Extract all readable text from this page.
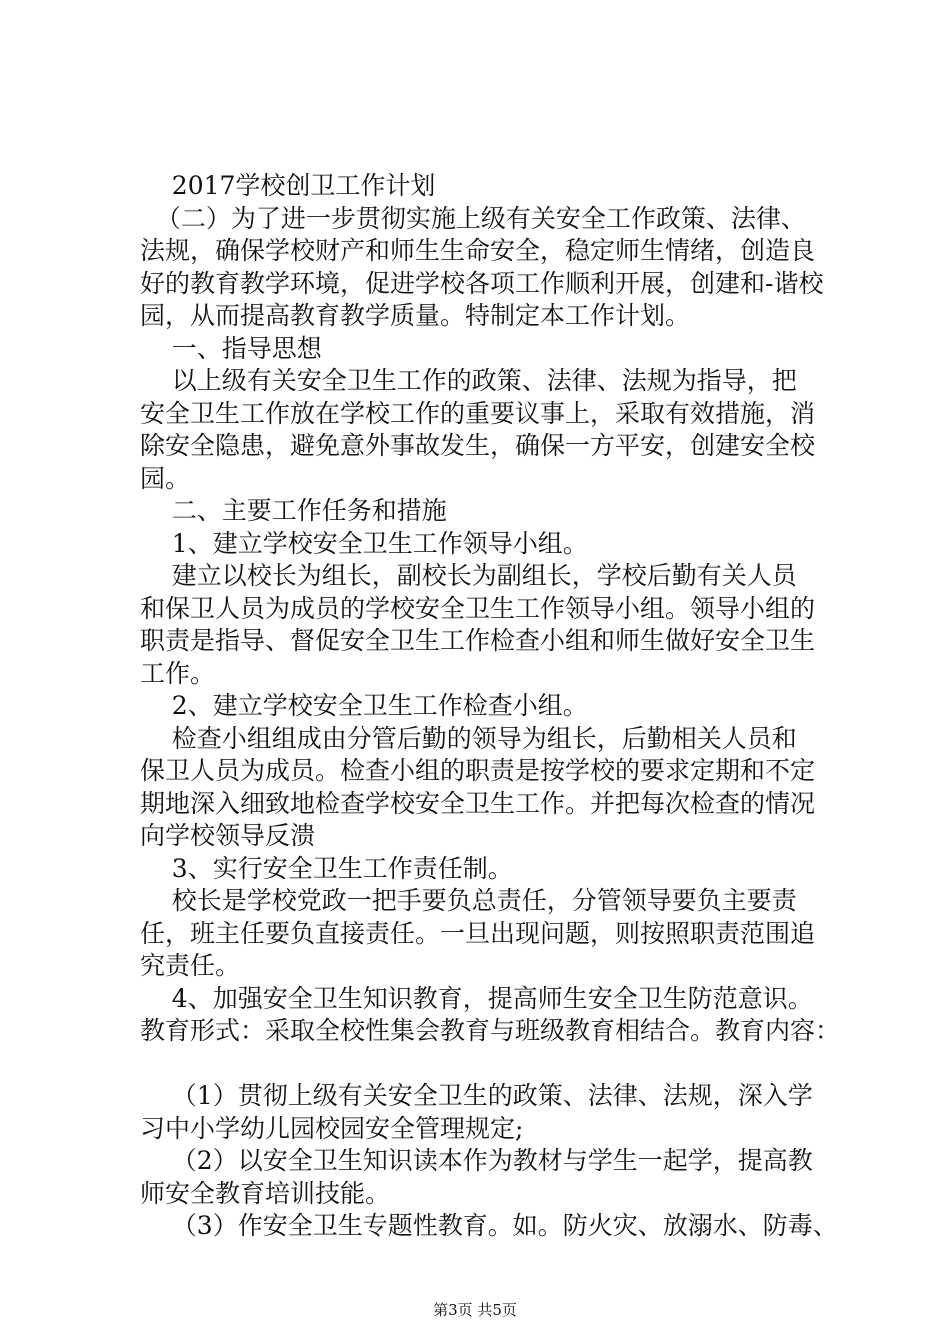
2017学校创卫工作计划
（二）为了进一步贯彻实施上级有关安全工作政策、法律、
法规，确保学校财产和师生生命安全，稳定师生情绪，创造良
好的教育教学环境，促进学校各项工作顺利开展，创建和-谐校
园，从而提高教育教学质量。特制定本工作计划。
一、指导思想
以上级有关安全卫生工作的政策、法律、法规为指导，把
安全卫生工作放在学校工作的重要议事上，采取有效措施，消
除安全隐患，避免意外事故发生，确保一方平安，创建安全校
园。
二、主要工作任务和措施
1、建立学校安全卫生工作领导小组。
建立以校长为组长，副校长为副组长，学校后勤有关人员
和保卫人员为成员的学校安全卫生工作领导小组。领导小组的
职责是指导、督促安全卫生工作检查小组和师生做好安全卫生
工作。
2、建立学校安全卫生工作检查小组。
检查小组组成由分管后勤的领导为组长，后勤相关人员和
保卫人员为成员。检查小组的职责是按学校的要求定期和不定
期地深入细致地检查学校安全卫生工作。并把每次检查的情况
向学校领导反溃
3、实行安全卫生工作责任制。
校长是学校党政一把手要负总责任，分管领导要负主要责
任，班主任要负直接责任。一旦出现问题，则按照职责范围追
究责任。
4、加强安全卫生知识教育，提高师生安全卫生防范意识。
教育形式：采取全校性集会教育与班级教育相结合。教育内容：
（1）贯彻上级有关安全卫生的政策、法律、法规，深入学
习中小学幼儿园校园安全管理规定;
（2）以安全卫生知识读本作为教材与学生一起学，提高教
师安全教育培训技能。
（3）作安全卫生专题性教育。如。防火灾、放溺水、防毒、
第3页 共5页
